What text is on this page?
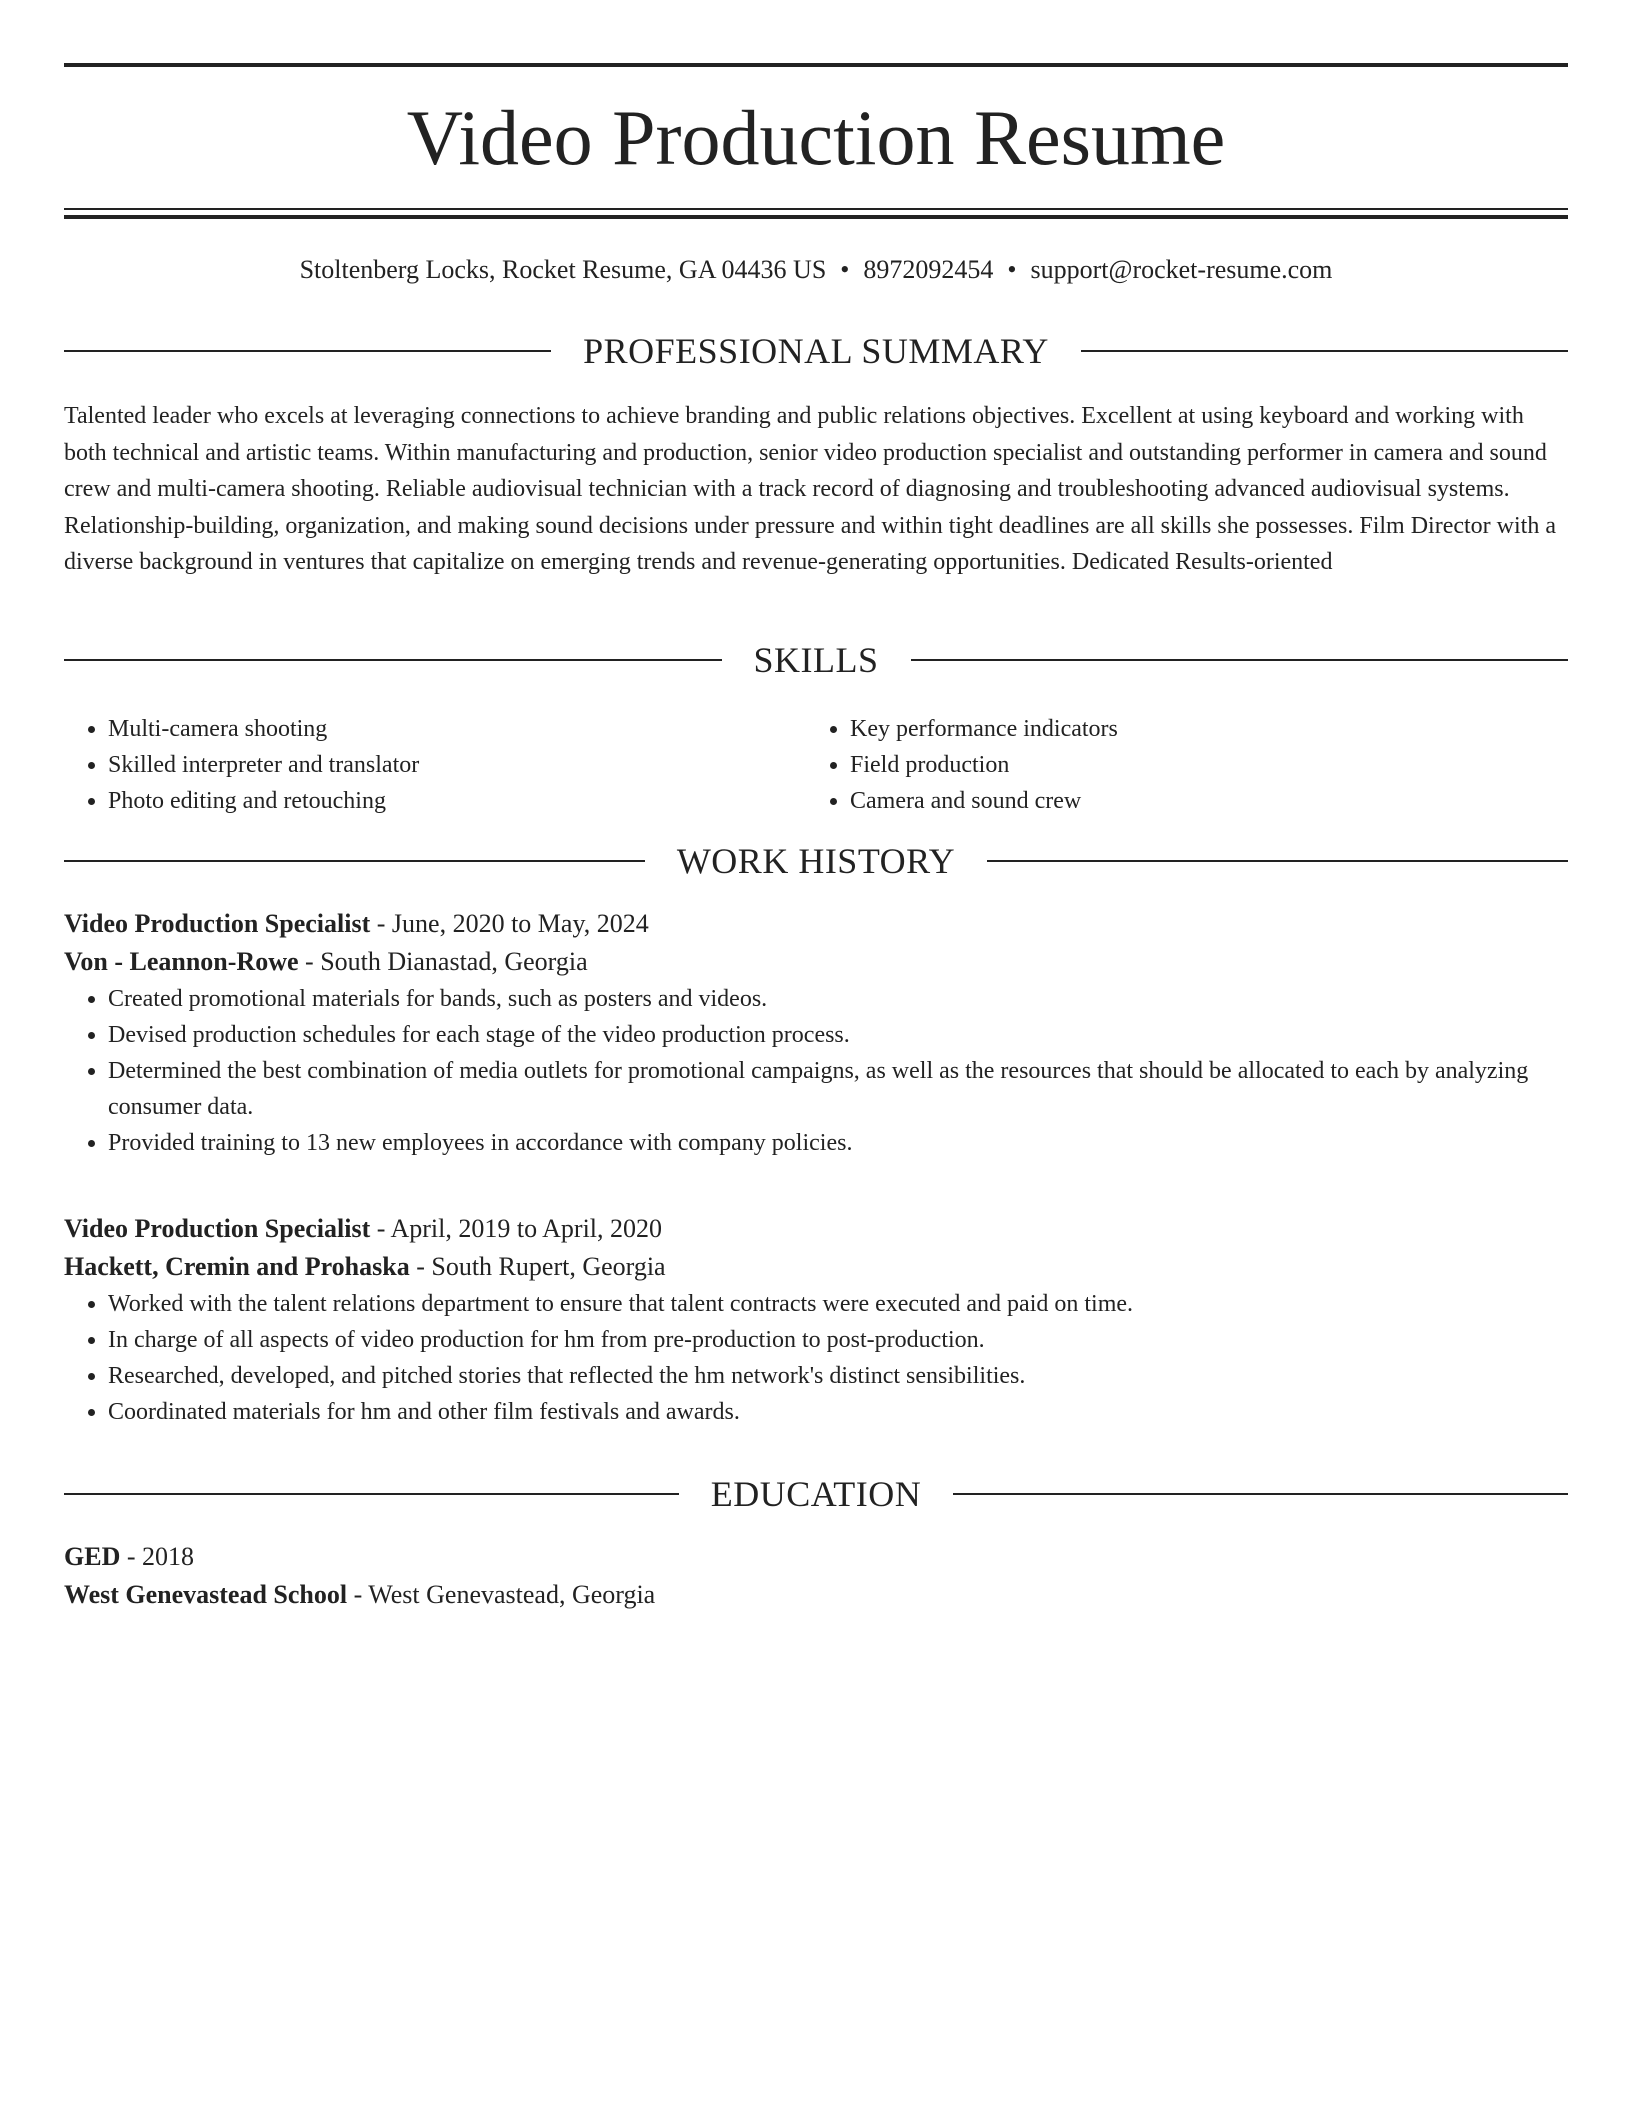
Video Production Resume
Stoltenberg Locks, Rocket Resume, GA 04436 US • 8972092454 • support@rocket-resume.com
PROFESSIONAL SUMMARY

Talented leader who excels at leveraging connections to achieve branding and public relations objectives. Excellent at using keyboard and working with both technical and artistic teams. Within manufacturing and production, senior video production specialist and outstanding performer in camera and sound crew and multi-camera shooting. Reliable audiovisual technician with a track record of diagnosing and troubleshooting advanced audiovisual systems. Relationship-building, organization, and making sound decisions under pressure and within tight deadlines are all skills she possesses. Film Director with a diverse background in ventures that capitalize on emerging trends and revenue-generating opportunities. Dedicated Results-oriented

SKILLS
• Multi-camera shooting
• Skilled interpreter and translator
• Photo editing and retouching
• Key performance indicators
• Field production
• Camera and sound crew
WORK HISTORY
Video Production Specialist - June, 2020 to May, 2024
Von - Leannon-Rowe - South Dianastad, Georgia
• Created promotional materials for bands, such as posters and videos.
• Devised production schedules for each stage of the video production process.
• Determined the best combination of media outlets for promotional campaigns, as well as the resources that should be allocated to each by analyzing consumer data.
• Provided training to 13 new employees in accordance with company policies.
Video Production Specialist - April, 2019 to April, 2020
Hackett, Cremin and Prohaska - South Rupert, Georgia
• Worked with the talent relations department to ensure that talent contracts were executed and paid on time.
• In charge of all aspects of video production for hm from pre-production to post-production.
• Researched, developed, and pitched stories that reflected the hm network's distinct sensibilities.
• Coordinated materials for hm and other film festivals and awards.
EDUCATION
GED - 2018
West Genevastead School - West Genevastead, Georgia
